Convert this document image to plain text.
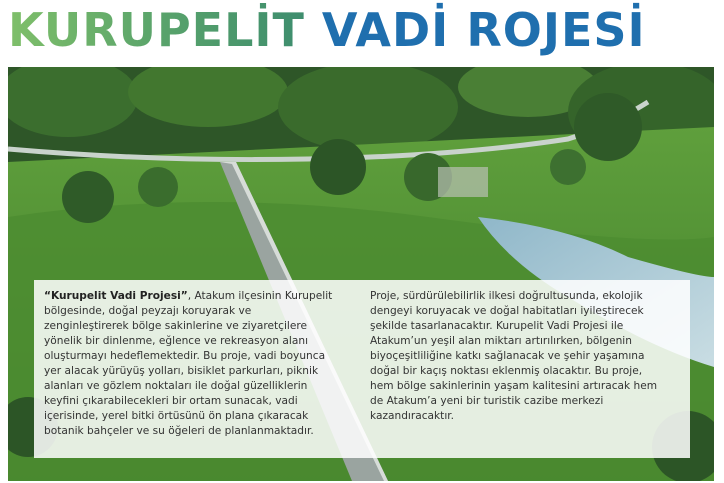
KURUPELİT VADİ ROJESİ
“Kurupelit Vadi Projesi”, Atakum ilçesinin Kurupelit bölgesinde, doğal peyzajı koruyarak ve zenginleştirerek bölge sakinlerine ve ziyaretçilere yönelik bir dinlenme, eğlence ve rekreasyon alanı oluşturmayı hedeflemektedir. Bu proje, vadi boyunca yer alacak yürüyüş yolları, bisiklet parkurları, piknik alanları ve gözlem noktaları ile doğal güzelliklerin keyfini çıkarabilecekleri bir ortam sunacak, vadi içerisinde, yerel bitki örtüsünü ön plana çıkaracak botanik bahçeler ve su öğeleri de planlanmaktadır.
Proje, sürdürülebilirlik ilkesi doğrultusunda, ekolojik dengeyi koruyacak ve doğal habitatları iyileştirecek şekilde tasarlanacaktır. Kurupelit Vadi Projesi ile Atakum’un yeşil alan miktarı artırılırken, bölgenin biyoçeşitliliğine katkı sağlanacak ve şehir yaşamına doğal bir kaçış noktası eklenmiş olacaktır. Bu proje, hem bölge sakinlerinin yaşam kalitesini artıracak hem de Atakum’a yeni bir turistik cazibe merkezi kazandıracaktır.
